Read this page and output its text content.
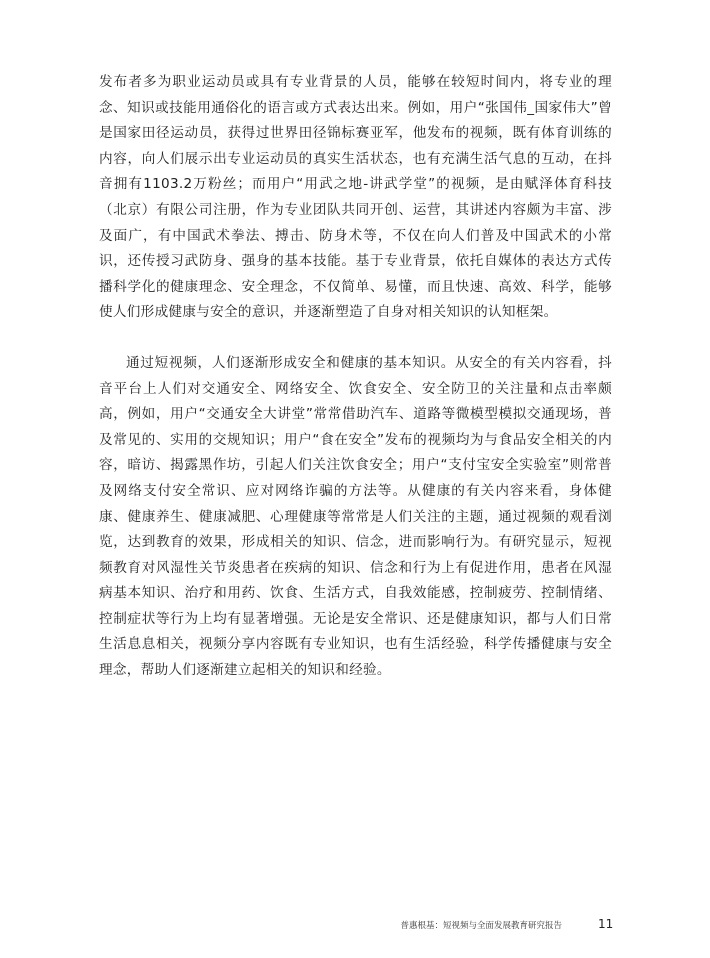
发布者多为职业运动员或具有专业背景的人员，能够在较短时间内，将专业的理念、知识或技能用通俗化的语言或方式表达出来。例如，用户“张国伟_国家伟大”曾是国家田径运动员，获得过世界田径锦标赛亚军，他发布的视频，既有体育训练的内容，向人们展示出专业运动员的真实生活状态，也有充满生活气息的互动，在抖音拥有1103.2万粉丝；而用户“用武之地-讲武学堂”的视频，是由赋泽体育科技（北京）有限公司注册，作为专业团队共同开创、运营，其讲述内容颇为丰富、涉及面广，有中国武术拳法、搏击、防身术等，不仅在向人们普及中国武术的小常识，还传授习武防身、强身的基本技能。基于专业背景，依托自媒体的表达方式传播科学化的健康理念、安全理念，不仅简单、易懂，而且快速、高效、科学，能够使人们形成健康与安全的意识，并逐渐塑造了自身对相关知识的认知框架。

通过短视频，人们逐渐形成安全和健康的基本知识。从安全的有关内容看，抖音平台上人们对交通安全、网络安全、饮食安全、安全防卫的关注量和点击率颇高，例如，用户“交通安全大讲堂”常常借助汽车、道路等微模型模拟交通现场，普及常见的、实用的交规知识；用户“食在安全”发布的视频均为与食品安全相关的内容，暗访、揭露黑作坊，引起人们关注饮食安全；用户“支付宝安全实验室”则常普及网络支付安全常识、应对网络诈骗的方法等。从健康的有关内容来看，身体健康、健康养生、健康减肥、心理健康等常常是人们关注的主题，通过视频的观看浏览，达到教育的效果，形成相关的知识、信念，进而影响行为。有研究显示，短视频教育对风湿性关节炎患者在疾病的知识、信念和行为上有促进作用，患者在风湿病基本知识、治疗和用药、饮食、生活方式，自我效能感，控制疲劳、控制情绪、控制症状等行为上均有显著增强。无论是安全常识、还是健康知识，都与人们日常生活息息相关，视频分享内容既有专业知识，也有生活经验，科学传播健康与安全理念，帮助人们逐渐建立起相关的知识和经验。

普惠根基：短视频与全面发展教育研究报告	11
